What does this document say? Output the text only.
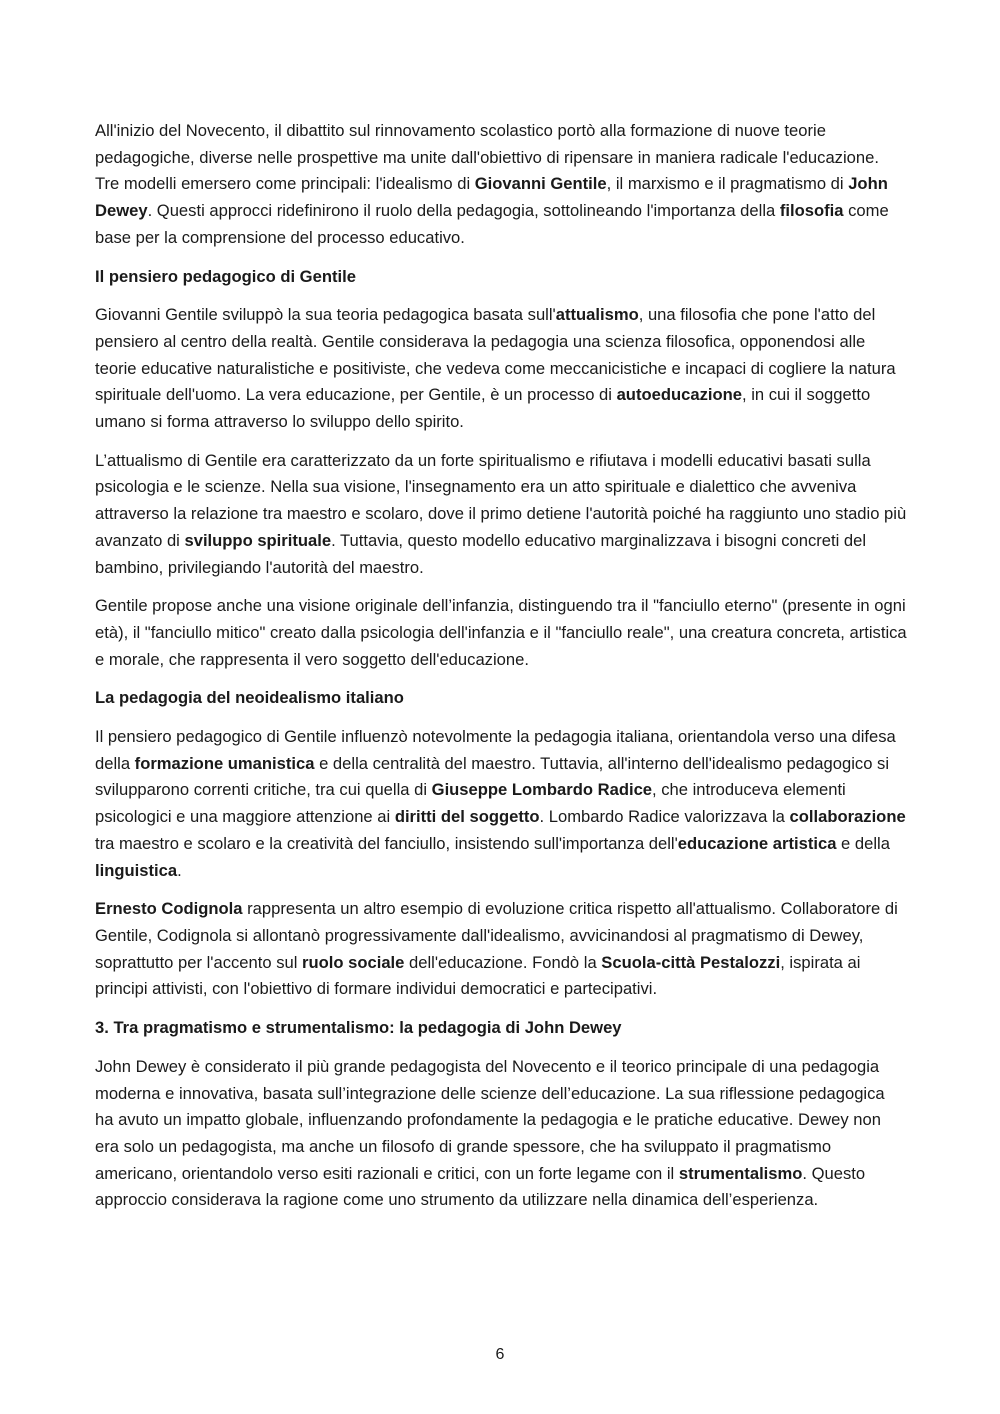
All'inizio del Novecento, il dibattito sul rinnovamento scolastico portò alla formazione di nuove teorie pedagogiche, diverse nelle prospettive ma unite dall'obiettivo di ripensare in maniera radicale l'educazione. Tre modelli emersero come principali: l'idealismo di Giovanni Gentile, il marxismo e il pragmatismo di John Dewey. Questi approcci ridefinirono il ruolo della pedagogia, sottolineando l'importanza della filosofia come base per la comprensione del processo educativo.

Il pensiero pedagogico di Gentile

Giovanni Gentile sviluppò la sua teoria pedagogica basata sull'attualismo, una filosofia che pone l'atto del pensiero al centro della realtà. Gentile considerava la pedagogia una scienza filosofica, opponendosi alle teorie educative naturalistiche e positiviste, che vedeva come meccanicistiche e incapaci di cogliere la natura spirituale dell'uomo. La vera educazione, per Gentile, è un processo di autoeducazione, in cui il soggetto umano si forma attraverso lo sviluppo dello spirito.

L’attualismo di Gentile era caratterizzato da un forte spiritualismo e rifiutava i modelli educativi basati sulla psicologia e le scienze. Nella sua visione, l'insegnamento era un atto spirituale e dialettico che avveniva attraverso la relazione tra maestro e scolaro, dove il primo detiene l'autorità poiché ha raggiunto uno stadio più avanzato di sviluppo spirituale. Tuttavia, questo modello educativo marginalizzava i bisogni concreti del bambino, privilegiando l'autorità del maestro.

Gentile propose anche una visione originale dell’infanzia, distinguendo tra il "fanciullo eterno" (presente in ogni età), il "fanciullo mitico" creato dalla psicologia dell'infanzia e il "fanciullo reale", una creatura concreta, artistica e morale, che rappresenta il vero soggetto dell'educazione.

La pedagogia del neoidealismo italiano

Il pensiero pedagogico di Gentile influenzò notevolmente la pedagogia italiana, orientandola verso una difesa della formazione umanistica e della centralità del maestro. Tuttavia, all'interno dell'idealismo pedagogico si svilupparono correnti critiche, tra cui quella di Giuseppe Lombardo Radice, che introduceva elementi psicologici e una maggiore attenzione ai diritti del soggetto. Lombardo Radice valorizzava la collaborazione tra maestro e scolaro e la creatività del fanciullo, insistendo sull'importanza dell'educazione artistica e della linguistica.

Ernesto Codignola rappresenta un altro esempio di evoluzione critica rispetto all'attualismo. Collaboratore di Gentile, Codignola si allontanò progressivamente dall'idealismo, avvicinandosi al pragmatismo di Dewey, soprattutto per l'accento sul ruolo sociale dell'educazione. Fondò la Scuola-città Pestalozzi, ispirata ai principi attivisti, con l'obiettivo di formare individui democratici e partecipativi.

3. Tra pragmatismo e strumentalismo: la pedagogia di John Dewey

John Dewey è considerato il più grande pedagogista del Novecento e il teorico principale di una pedagogia moderna e innovativa, basata sull’integrazione delle scienze dell’educazione. La sua riflessione pedagogica ha avuto un impatto globale, influenzando profondamente la pedagogia e le pratiche educative. Dewey non era solo un pedagogista, ma anche un filosofo di grande spessore, che ha sviluppato il pragmatismo americano, orientandolo verso esiti razionali e critici, con un forte legame con il strumentalismo. Questo approccio considerava la ragione come uno strumento da utilizzare nella dinamica dell’esperienza.

6
